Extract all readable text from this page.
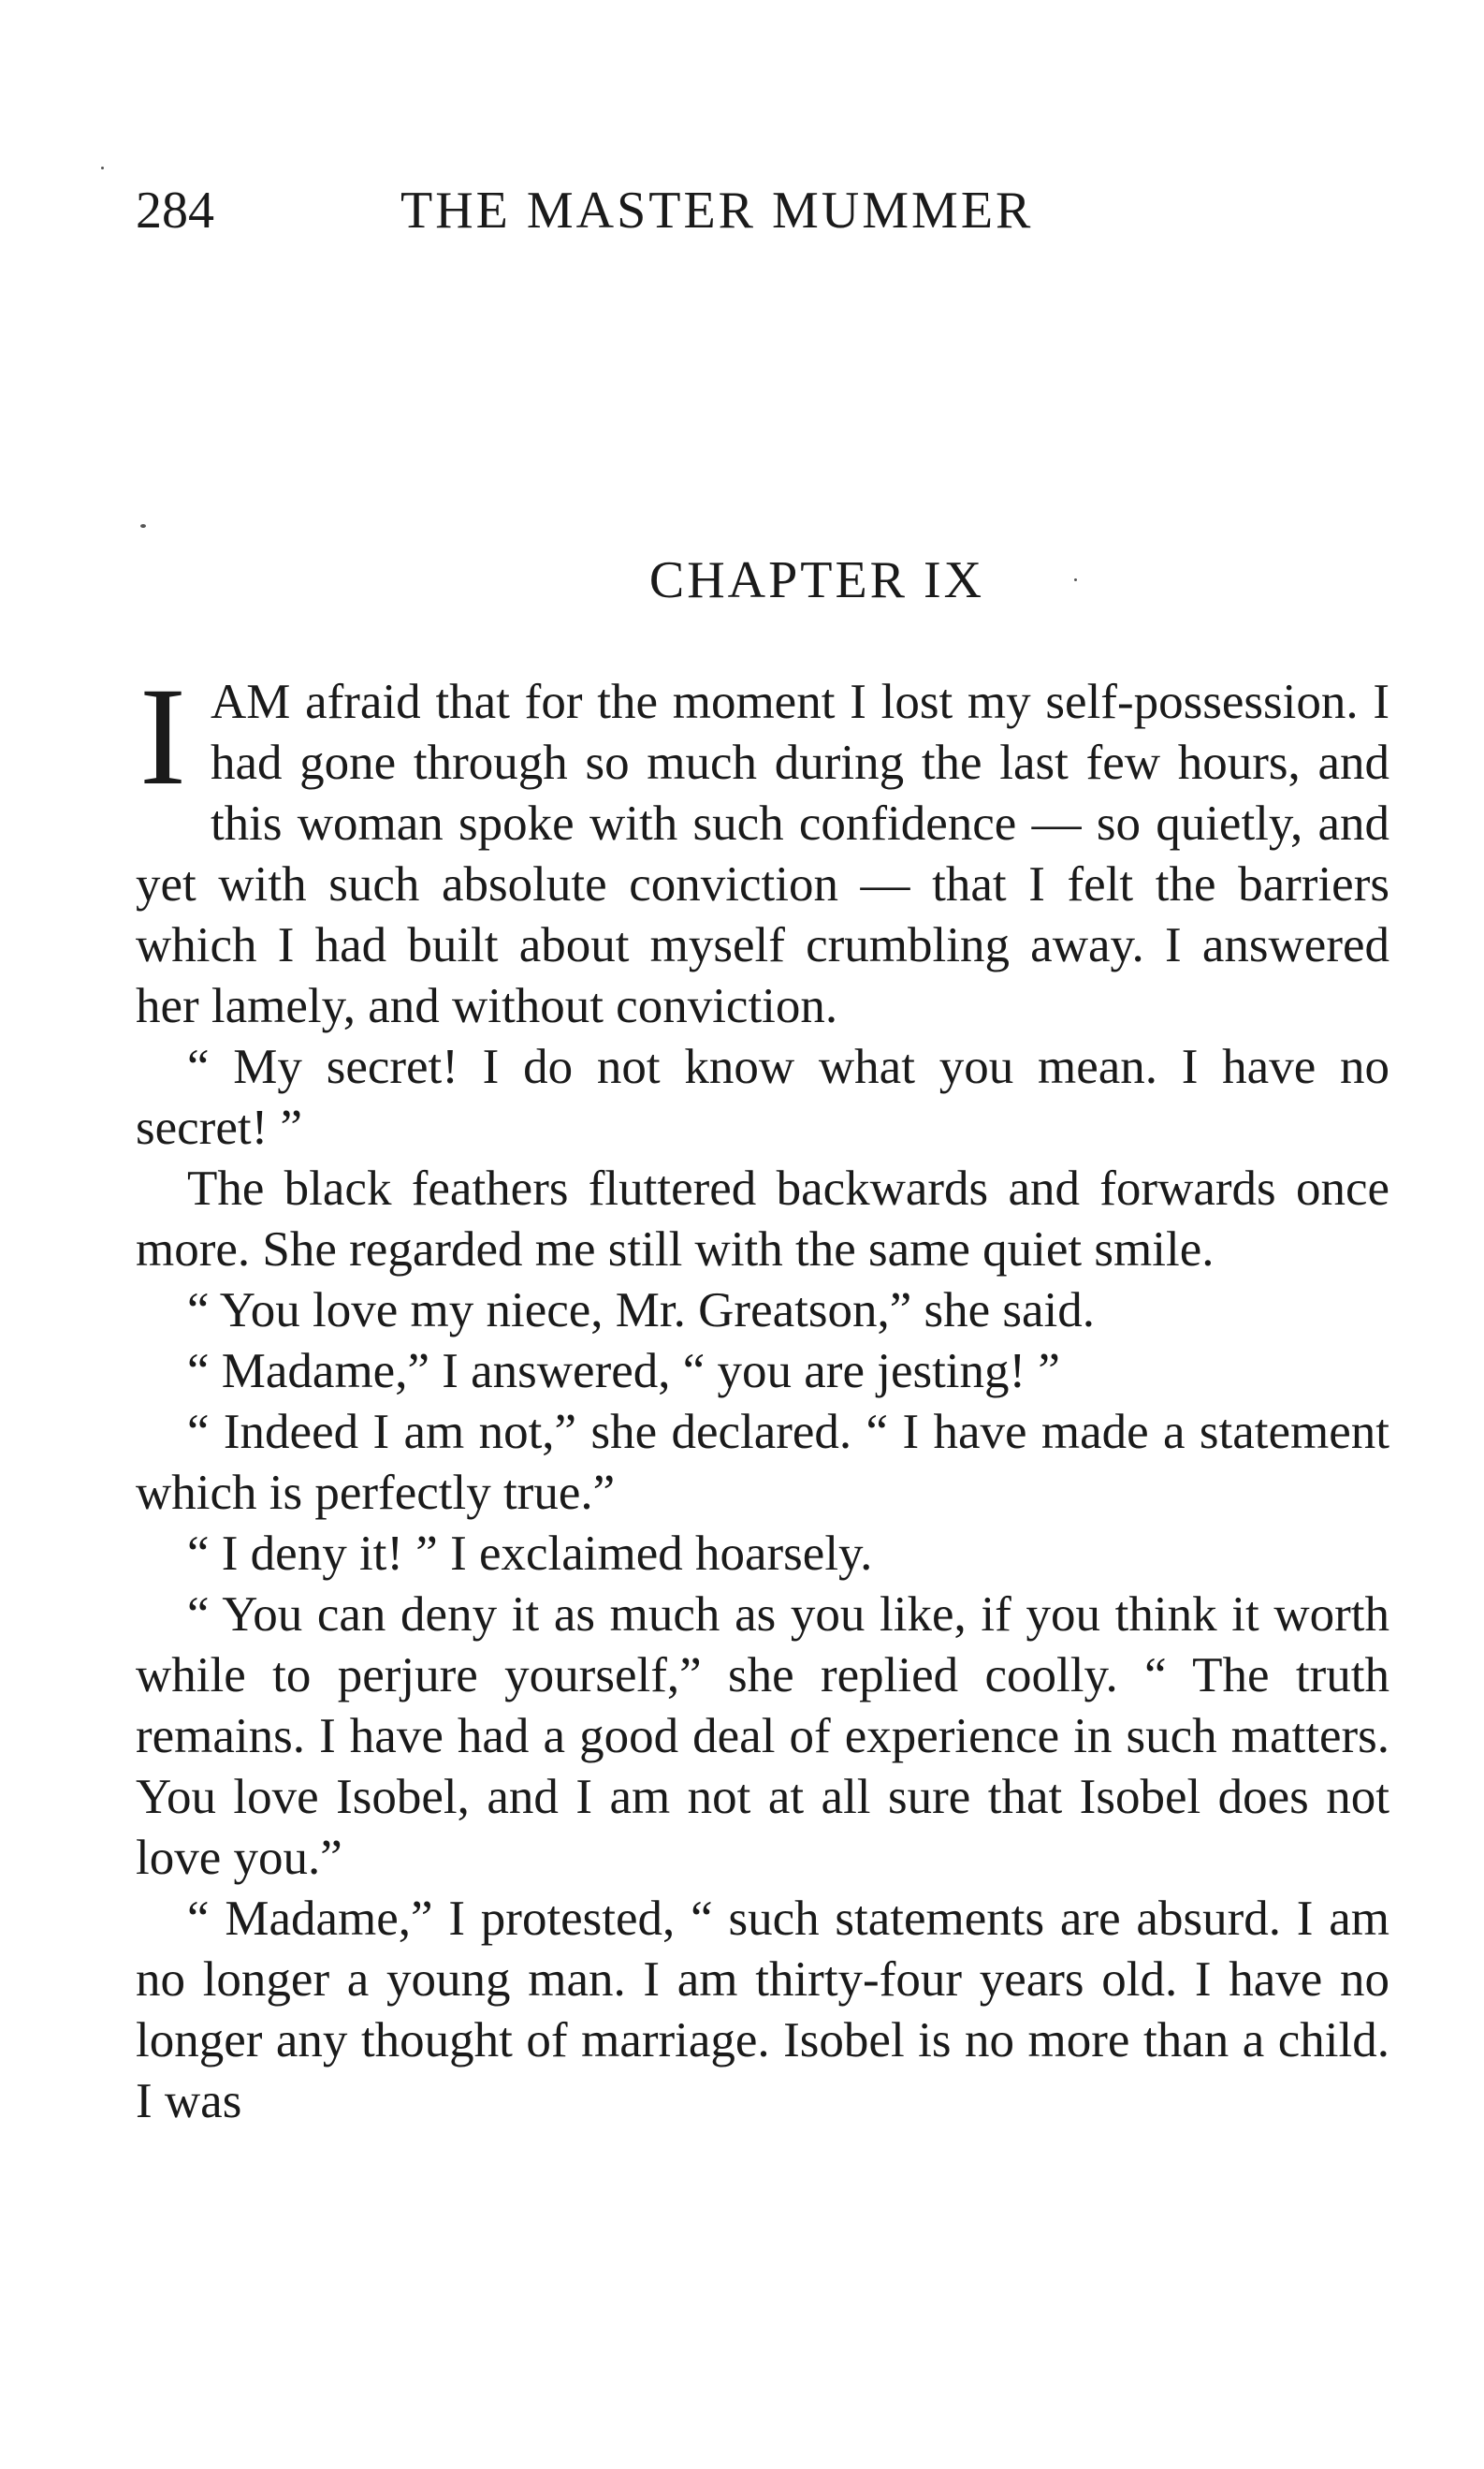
284	THE MASTER MUMMER
CHAPTER IX

I AM afraid that for the moment I lost my self-possession. I had gone through so much during the last few hours, and this woman spoke with such confidence — so quietly, and yet with such absolute conviction — that I felt the barriers which I had built about myself crumbling away. I answered her lamely, and without conviction.

“ My secret! I do not know what you mean. I have no secret! ”

The black feathers fluttered backwards and forwards once more. She regarded me still with the same quiet smile.

“ You love my niece, Mr. Greatson,” she said.

“ Madame,” I answered, “ you are jesting! ”

“ Indeed I am not,” she declared. “ I have made a statement which is perfectly true.”

“ I deny it! ” I exclaimed hoarsely.

“ You can deny it as much as you like, if you think it worth while to perjure yourself,” she replied coolly. “ The truth remains. I have had a good deal of experience in such matters. You love Isobel, and I am not at all sure that Isobel does not love you.”

“ Madame,” I protested, “ such statements are absurd. I am no longer a young man. I am thirty-four years old. I have no longer any thought of marriage. Isobel is no more than a child. I was
